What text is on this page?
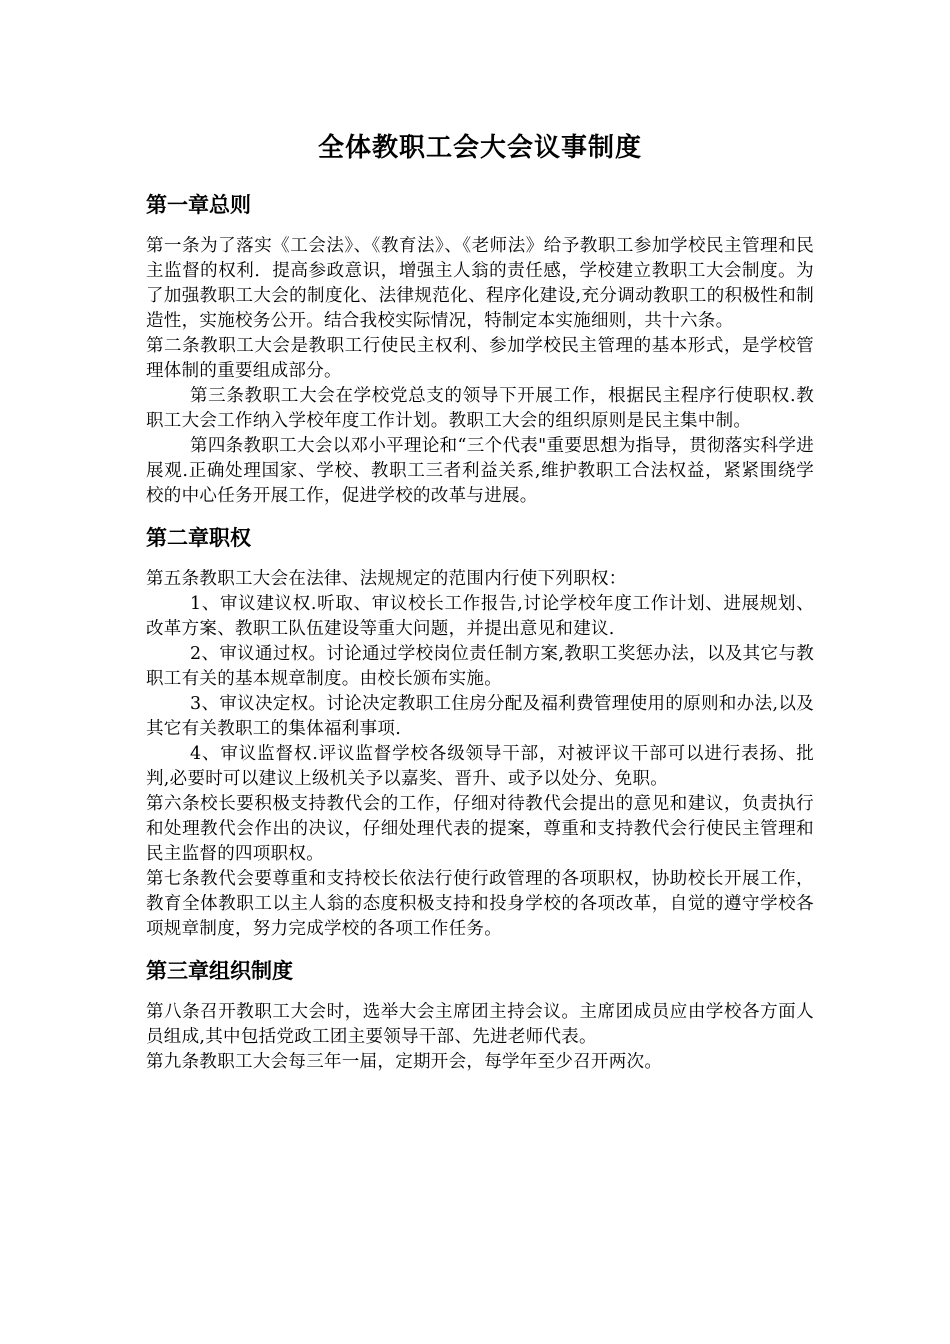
全体教职工会大会议事制度
第一章总则

第一条为了落实《工会法》、《教育法》、《老师法》给予教职工参加学校民主管理和民主监督的权利．提高参政意识，增强主人翁的责任感，学校建立教职工大会制度。为了加强教职工大会的制度化、法律规范化、程序化建设,充分调动教职工的积极性和制造性，实施校务公开。结合我校实际情况，特制定本实施细则，共十六条。

第二条教职工大会是教职工行使民主权利、参加学校民主管理的基本形式，是学校管理体制的重要组成部分。

第三条教职工大会在学校党总支的领导下开展工作，根据民主程序行使职权.教职工大会工作纳入学校年度工作计划。教职工大会的组织原则是民主集中制。

第四条教职工大会以邓小平理论和“三个代表"重要思想为指导，贯彻落实科学进展观.正确处理国家、学校、教职工三者利益关系,维护教职工合法权益，紧紧围绕学校的中心任务开展工作，促进学校的改革与进展。

第二章职权

第五条教职工大会在法律、法规规定的范围内行使下列职权：

1、审议建议权.听取、审议校长工作报告,讨论学校年度工作计划、进展规划、改革方案、教职工队伍建设等重大问题，并提出意见和建议.

2、审议通过权。讨论通过学校岗位责任制方案,教职工奖惩办法，以及其它与教职工有关的基本规章制度。由校长颁布实施。

3、审议决定权。讨论决定教职工住房分配及福利费管理使用的原则和办法,以及其它有关教职工的集体福利事项.

4、审议监督权.评议监督学校各级领导干部，对被评议干部可以进行表扬、批判,必要时可以建议上级机关予以嘉奖、晋升、或予以处分、免职。

第六条校长要积极支持教代会的工作，仔细对待教代会提出的意见和建议，负责执行和处理教代会作出的决议，仔细处理代表的提案，尊重和支持教代会行使民主管理和民主监督的四项职权。

第七条教代会要尊重和支持校长依法行使行政管理的各项职权，协助校长开展工作，教育全体教职工以主人翁的态度积极支持和投身学校的各项改革，自觉的遵守学校各项规章制度，努力完成学校的各项工作任务。

第三章组织制度

第八条召开教职工大会时，选举大会主席团主持会议。主席团成员应由学校各方面人员组成,其中包括党政工团主要领导干部、先进老师代表。

第九条教职工大会每三年一届，定期开会，每学年至少召开两次。
